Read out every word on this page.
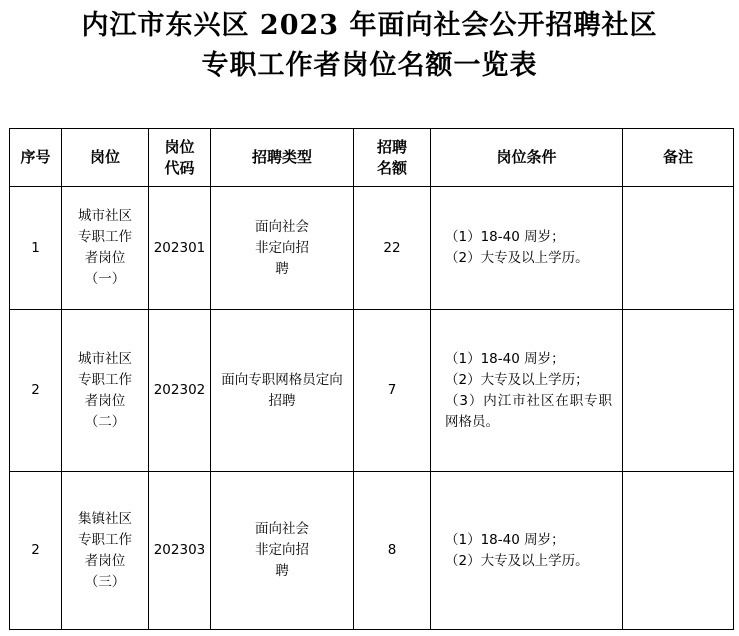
内江市东兴区 2023 年面向社会公开招聘社区
专职工作者岗位名额一览表
序号	岗位	岗位代码	招聘类型	招聘名额	岗位条件	备注
1	城市社区专职工作者岗位（一）	202301	面向社会非定向招聘	22	（1）18-40 周岁；
（2）大专及以上学历。	

2	城市社区专职工作者岗位（二）	202302	面向专职网格员定向招聘	7	（1）18-40 周岁；
（2）大专及以上学历；
（3）内江市社区在职专职网格员。	

2	集镇社区专职工作者岗位（三）	202303	面向社会非定向招聘	8	（1）18-40 周岁；
（2）大专及以上学历。	
